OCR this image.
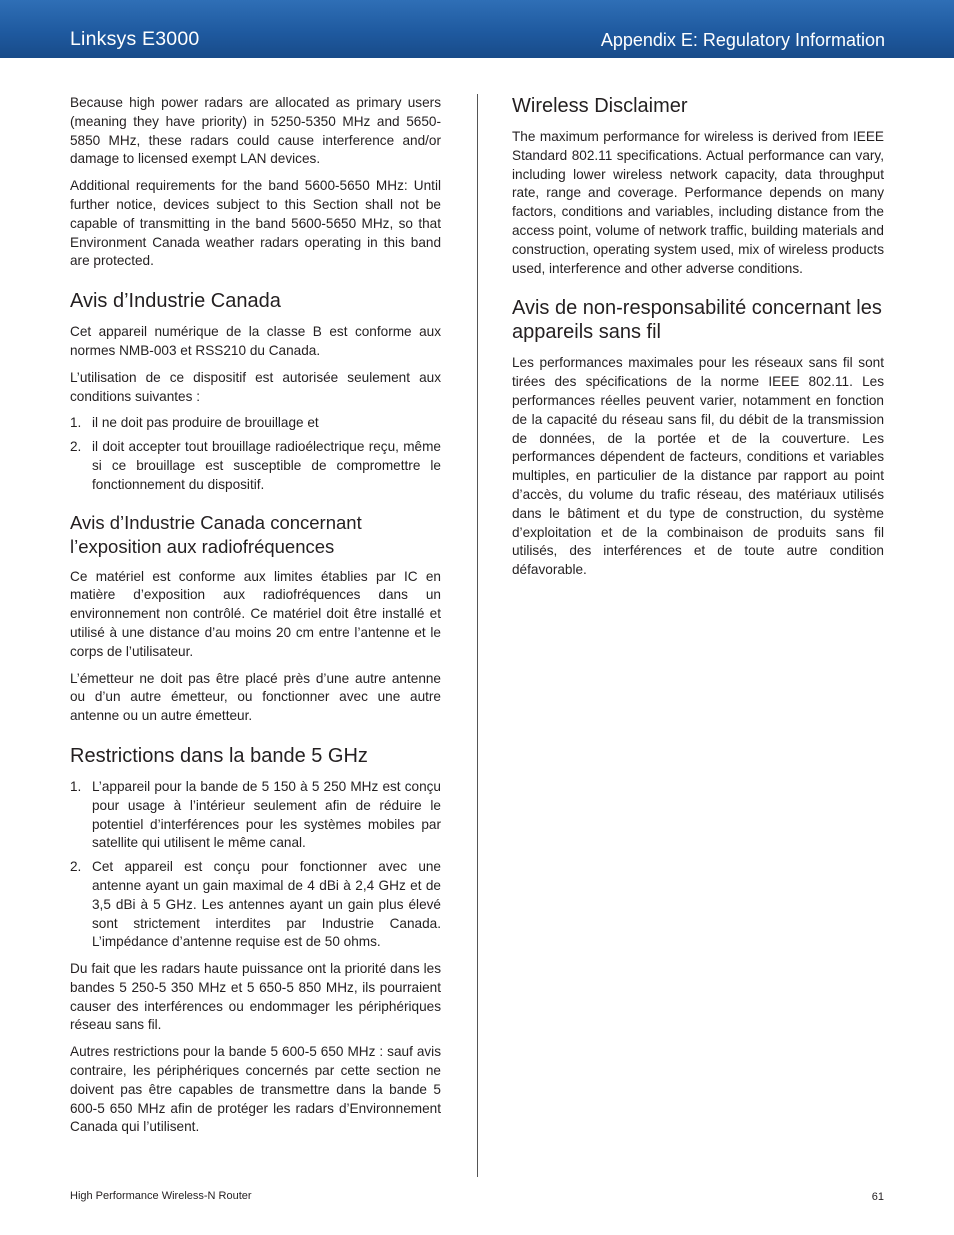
Linksys E3000	Appendix E: Regulatory Information

Because high power radars are allocated as primary users (meaning they have priority) in 5250-5350 MHz and 5650-5850 MHz, these radars could cause interference and/or damage to licensed exempt LAN devices.

Additional requirements for the band 5600-5650 MHz: Until further notice, devices subject to this Section shall not be capable of transmitting in the band 5600-5650 MHz, so that Environment Canada weather radars operating in this band are protected.

Avis d’Industrie Canada

Cet appareil numérique de la classe B est conforme aux normes NMB-003 et RSS210 du Canada.

L’utilisation de ce dispositif est autorisée seulement aux conditions suivantes :

1. il ne doit pas produire de brouillage et
2. il doit accepter tout brouillage radioélectrique reçu, même si ce brouillage est susceptible de compromettre le fonctionnement du dispositif.
Avis d’Industrie Canada concernant l’exposition aux radiofréquences

Ce matériel est conforme aux limites établies par IC en matière d’exposition aux radiofréquences dans un environnement non contrôlé. Ce matériel doit être installé et utilisé à une distance d’au moins 20 cm entre l’antenne et le corps de l’utilisateur.

L’émetteur ne doit pas être placé près d’une autre antenne ou d’un autre émetteur, ou fonctionner avec une autre antenne ou un autre émetteur.

Restrictions dans la bande 5 GHz
1. L’appareil pour la bande de 5 150 à 5 250 MHz est conçu pour usage à l’intérieur seulement afin de réduire le potentiel d’interférences pour les systèmes mobiles par satellite qui utilisent le même canal.
2. Cet appareil est conçu pour fonctionner avec une antenne ayant un gain maximal de 4 dBi à 2,4 GHz et de 3,5 dBi à 5 GHz. Les antennes ayant un gain plus élevé sont strictement interdites par Industrie Canada. L’impédance d’antenne requise est de 50 ohms.

Du fait que les radars haute puissance ont la priorité dans les bandes 5 250-5 350 MHz et 5 650-5 850 MHz, ils pourraient causer des interférences ou endommager les périphériques réseau sans fil.

Autres restrictions pour la bande 5 600-5 650 MHz : sauf avis contraire, les périphériques concernés par cette section ne doivent pas être capables de transmettre dans la bande 5 600-5 650 MHz afin de protéger les radars d’Environnement Canada qui l’utilisent.

Wireless Disclaimer

The maximum performance for wireless is derived from IEEE Standard 802.11 specifications. Actual performance can vary, including lower wireless network capacity, data throughput rate, range and coverage. Performance depends on many factors, conditions and variables, including distance from the access point, volume of network traffic, building materials and construction, operating system used, mix of wireless products used, interference and other adverse conditions.

Avis de non-responsabilité concernant les appareils sans fil

Les performances maximales pour les réseaux sans fil sont tirées des spécifications de la norme IEEE 802.11. Les performances réelles peuvent varier, notamment en fonction de la capacité du réseau sans fil, du débit de la transmission de données, de la portée et de la couverture. Les performances dépendent de facteurs, conditions et variables multiples, en particulier de la distance par rapport au point d’accès, du volume du trafic réseau, des matériaux utilisés dans le bâtiment et du type de construction, du système d’exploitation et de la combinaison de produits sans fil utilisés, des interférences et de toute autre condition défavorable.

High Performance Wireless-N Router	61
